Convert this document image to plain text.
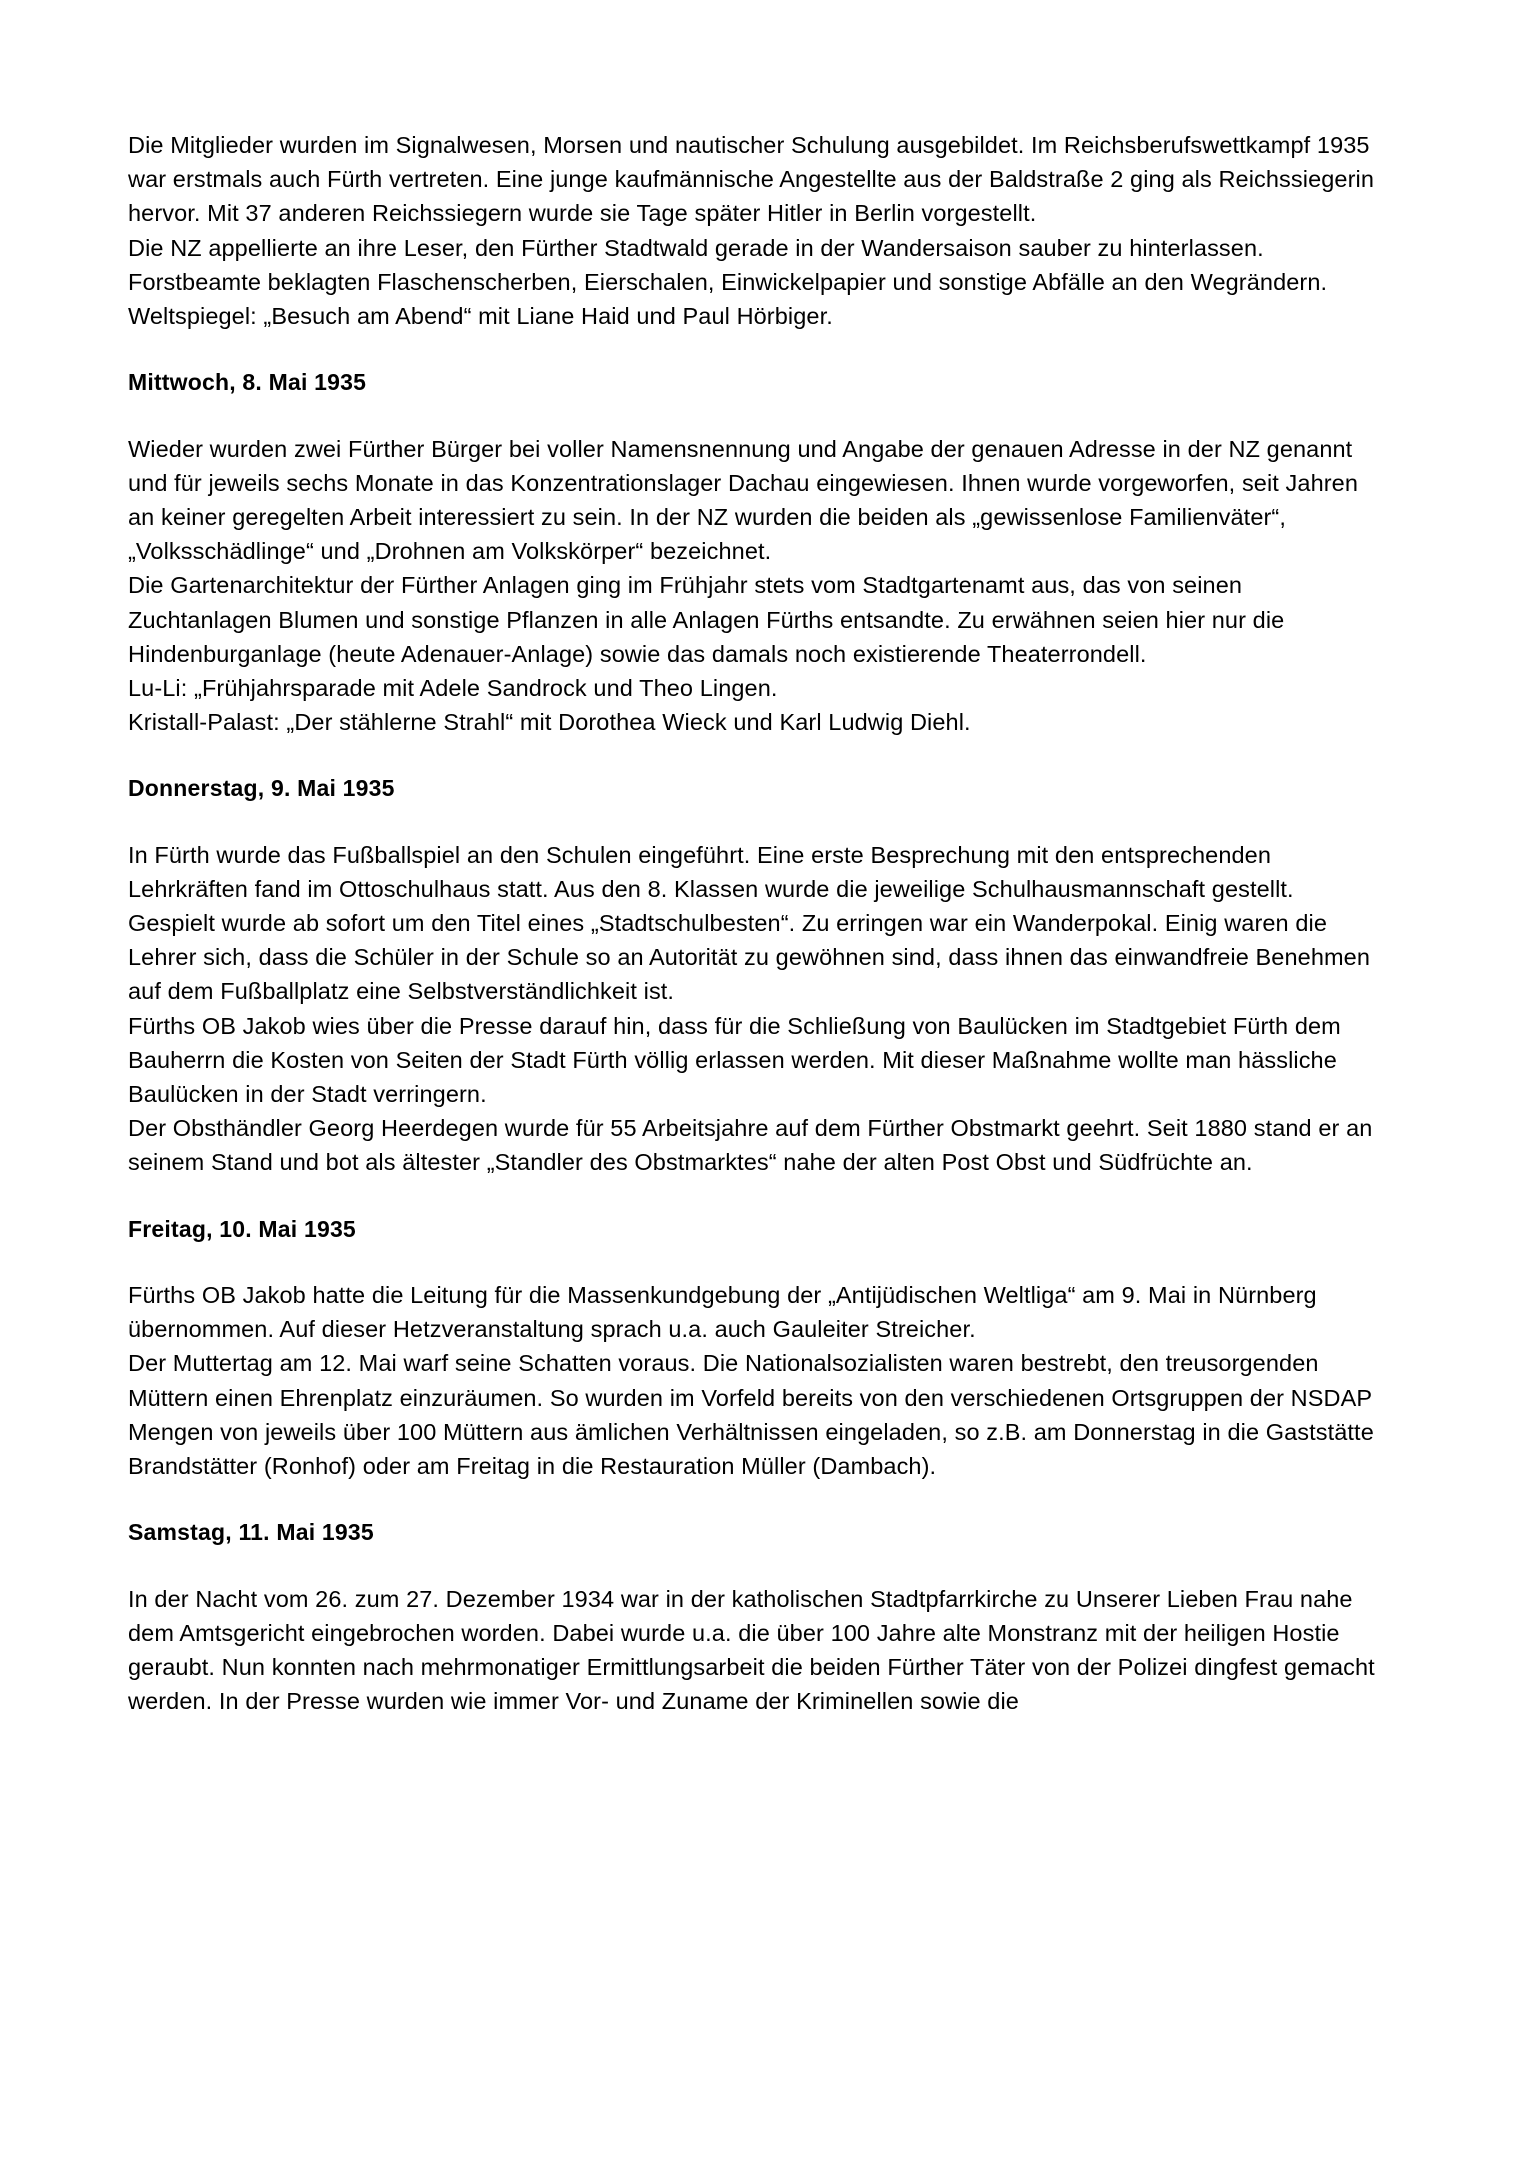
Die Mitglieder wurden im Signalwesen, Morsen und nautischer Schulung ausgebildet. Im Reichsberufswettkampf 1935 war erstmals auch Fürth vertreten. Eine junge kaufmännische Angestellte aus der Baldstraße 2 ging als Reichssiegerin hervor. Mit 37 anderen Reichssiegern wurde sie Tage später Hitler in Berlin vorgestellt.

Die NZ appellierte an ihre Leser, den Fürther Stadtwald gerade in der Wandersaison sauber zu hinterlassen. Forstbeamte beklagten Flaschenscherben, Eierschalen, Einwickelpapier und sonstige Abfälle an den Wegrändern.

Weltspiegel: „Besuch am Abend“ mit Liane Haid und Paul Hörbiger.

Mittwoch, 8. Mai 1935

Wieder wurden zwei Fürther Bürger bei voller Namensnennung und Angabe der genauen Adresse in der NZ genannt und für jeweils sechs Monate in das Konzentrationslager Dachau eingewiesen. Ihnen wurde vorgeworfen, seit Jahren an keiner geregelten Arbeit interessiert zu sein. In der NZ wurden die beiden als „gewissenlose Familienväter“, „Volksschädlinge“ und „Drohnen am Volkskörper“ bezeichnet.

Die Gartenarchitektur der Fürther Anlagen ging im Frühjahr stets vom Stadtgartenamt aus, das von seinen Zuchtanlagen Blumen und sonstige Pflanzen in alle Anlagen Fürths entsandte. Zu erwähnen seien hier nur die Hindenburganlage (heute Adenauer-Anlage) sowie das damals noch existierende Theaterrondell.

Lu-Li: „Frühjahrsparade mit Adele Sandrock und Theo Lingen.

Kristall-Palast: „Der stählerne Strahl“ mit Dorothea Wieck und Karl Ludwig Diehl.

Donnerstag, 9. Mai 1935

In Fürth wurde das Fußballspiel an den Schulen eingeführt. Eine erste Besprechung mit den entsprechenden Lehrkräften fand im Ottoschulhaus statt. Aus den 8. Klassen wurde die jeweilige Schulhausmannschaft gestellt. Gespielt wurde ab sofort um den Titel eines „Stadtschulbesten“. Zu erringen war ein Wanderpokal. Einig waren die Lehrer sich, dass die Schüler in der Schule so an Autorität zu gewöhnen sind, dass ihnen das einwandfreie Benehmen auf dem Fußballplatz eine Selbstverständlichkeit ist.

Fürths OB Jakob wies über die Presse darauf hin, dass für die Schließung von Baulücken im Stadtgebiet Fürth dem Bauherrn die Kosten von Seiten der Stadt Fürth völlig erlassen werden. Mit dieser Maßnahme wollte man hässliche Baulücken in der Stadt verringern.

Der Obsthändler Georg Heerdegen wurde für 55 Arbeitsjahre auf dem Fürther Obstmarkt geehrt. Seit 1880 stand er an seinem Stand und bot als ältester „Standler des Obstmarktes“ nahe der alten Post Obst und Südfrüchte an.

Freitag, 10. Mai 1935

Fürths OB Jakob hatte die Leitung für die Massenkundgebung der „Antijüdischen Weltliga“ am 9. Mai in Nürnberg übernommen. Auf dieser Hetzveranstaltung sprach u.a. auch Gauleiter Streicher.

Der Muttertag am 12. Mai warf seine Schatten voraus. Die Nationalsozialisten waren bestrebt, den treusorgenden Müttern einen Ehrenplatz einzuräumen. So wurden im Vorfeld bereits von den verschiedenen Ortsgruppen der NSDAP Mengen von jeweils über 100 Müttern aus ämlichen Verhältnissen eingeladen, so z.B. am Donnerstag in die Gaststätte Brandstätter (Ronhof) oder am Freitag in die Restauration Müller (Dambach).

Samstag, 11. Mai 1935

In der Nacht vom 26. zum 27. Dezember 1934 war in der katholischen Stadtpfarrkirche zu Unserer Lieben Frau nahe dem Amtsgericht eingebrochen worden. Dabei wurde u.a. die über 100 Jahre alte Monstranz mit der heiligen Hostie geraubt. Nun konnten nach mehrmonatiger Ermittlungsarbeit die beiden Fürther Täter von der Polizei dingfest gemacht werden. In der Presse wurden wie immer Vor- und Zuname der Kriminellen sowie die
